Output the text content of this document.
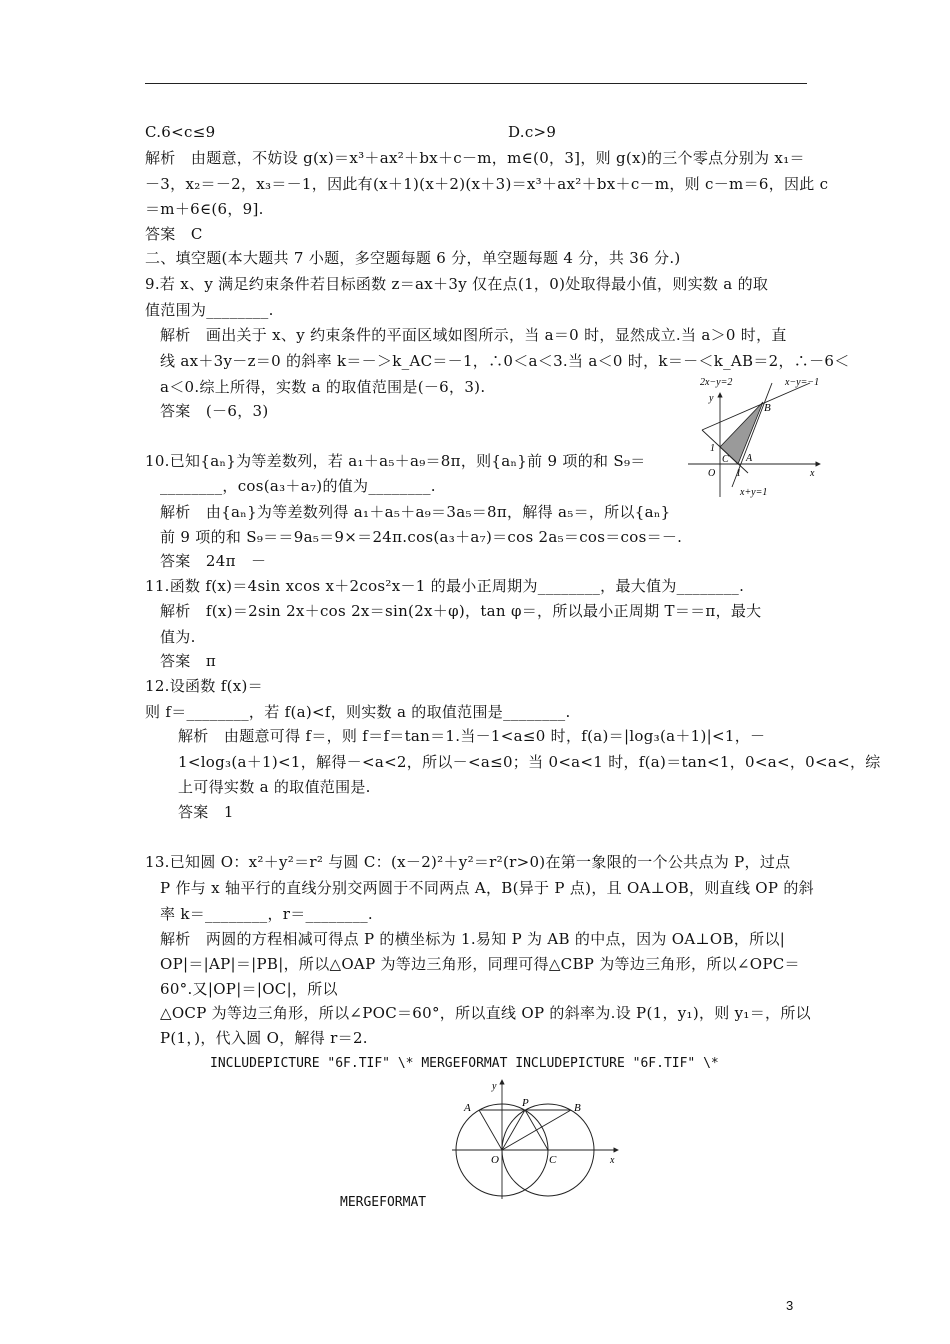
C.6<c≤9	D.c>9
解析　由题意，不妨设 g(x)＝x³＋ax²＋bx＋c－m，m∈(0，3]，则 g(x)的三个零点分别为 x₁＝
－3，x₂＝－2，x₃＝－1，因此有(x＋1)(x＋2)(x＋3)＝x³＋ax²＋bx＋c－m，则 c－m＝6，因此 c
＝m＋6∈(6，9].
答案　C
二、填空题(本大题共 7 小题，多空题每题 6 分，单空题每题 4 分，共 36 分.)
9.若 x、y 满足约束条件若目标函数 z＝ax＋3y 仅在点(1，0)处取得最小值，则实数 a 的取
值范围为________.
解析　画出关于 x、y 约束条件的平面区域如图所示，当 a＝0 时，显然成立.当 a＞0 时，直
线 ax＋3y－z＝0 的斜率 k＝－＞k_AC＝－1，∴0＜a＜3.当 a＜0 时，k＝－＜k_AB＝2，∴－6＜
a＜0.综上所得，实数 a 的取值范围是(－6，3).
答案　(－6，3)
10.已知{aₙ}为等差数列，若 a₁＋a₅＋a₉＝8π，则{aₙ}前 9 项的和 S₉＝
________，cos(a₃＋a₇)的值为________.
解析　由{aₙ}为等差数列得 a₁＋a₅＋a₉＝3a₅＝8π，解得 a₅＝，所以{aₙ}
前 9 项的和 S₉＝＝9a₅＝9×＝24π.cos(a₃＋a₇)＝cos 2a₅＝cos＝cos＝－.
答案　24π　－
11.函数 f(x)＝4sin xcos x＋2cos²x－1 的最小正周期为________，最大值为________.
解析　f(x)＝2sin 2x＋cos 2x＝sin(2x＋φ)，tan φ＝，所以最小正周期 T＝＝π，最大
值为.
答案　π
12.设函数 f(x)＝
则 f＝________，若 f(a)<f，则实数 a 的取值范围是________.
解析　由题意可得 f＝，则 f＝f＝tan＝1.当－1<a≤0 时，f(a)＝|log₃(a＋1)|<1，－
1<log₃(a＋1)<1，解得－<a<2，所以－<a≤0；当 0<a<1 时，f(a)＝tan<1，0<a<，0<a<，综
上可得实数 a 的取值范围是.
答案　1
13.已知圆 O：x²＋y²＝r² 与圆 C：(x－2)²＋y²＝r²(r>0)在第一象限的一个公共点为 P，过点
P 作与 x 轴平行的直线分别交两圆于不同两点 A，B(异于 P 点)，且 OA⊥OB，则直线 OP 的斜
率 k＝________，r＝________.
解析　两圆的方程相减可得点 P 的横坐标为 1.易知 P 为 AB 的中点，因为 OA⊥OB，所以|
OP|＝|AP|＝|PB|，所以△OAP 为等边三角形，同理可得△CBP 为等边三角形，所以∠OPC＝
60°.又|OP|＝|OC|，所以
△OCP 为等边三角形，所以∠POC＝60°，所以直线 OP 的斜率为.设 P(1，y₁)，则 y₁＝，所以
P(1，)，代入圆 O，解得 r＝2.
INCLUDEPICTURE "6F.TIF" \* MERGEFORMAT INCLUDEPICTURE "6F.TIF" \*
MERGEFORMAT
2x−y=2	x−y=−1
y
B
1
C A
O 1	x
x+y=1
y
A	P	B
O	C	x
3
